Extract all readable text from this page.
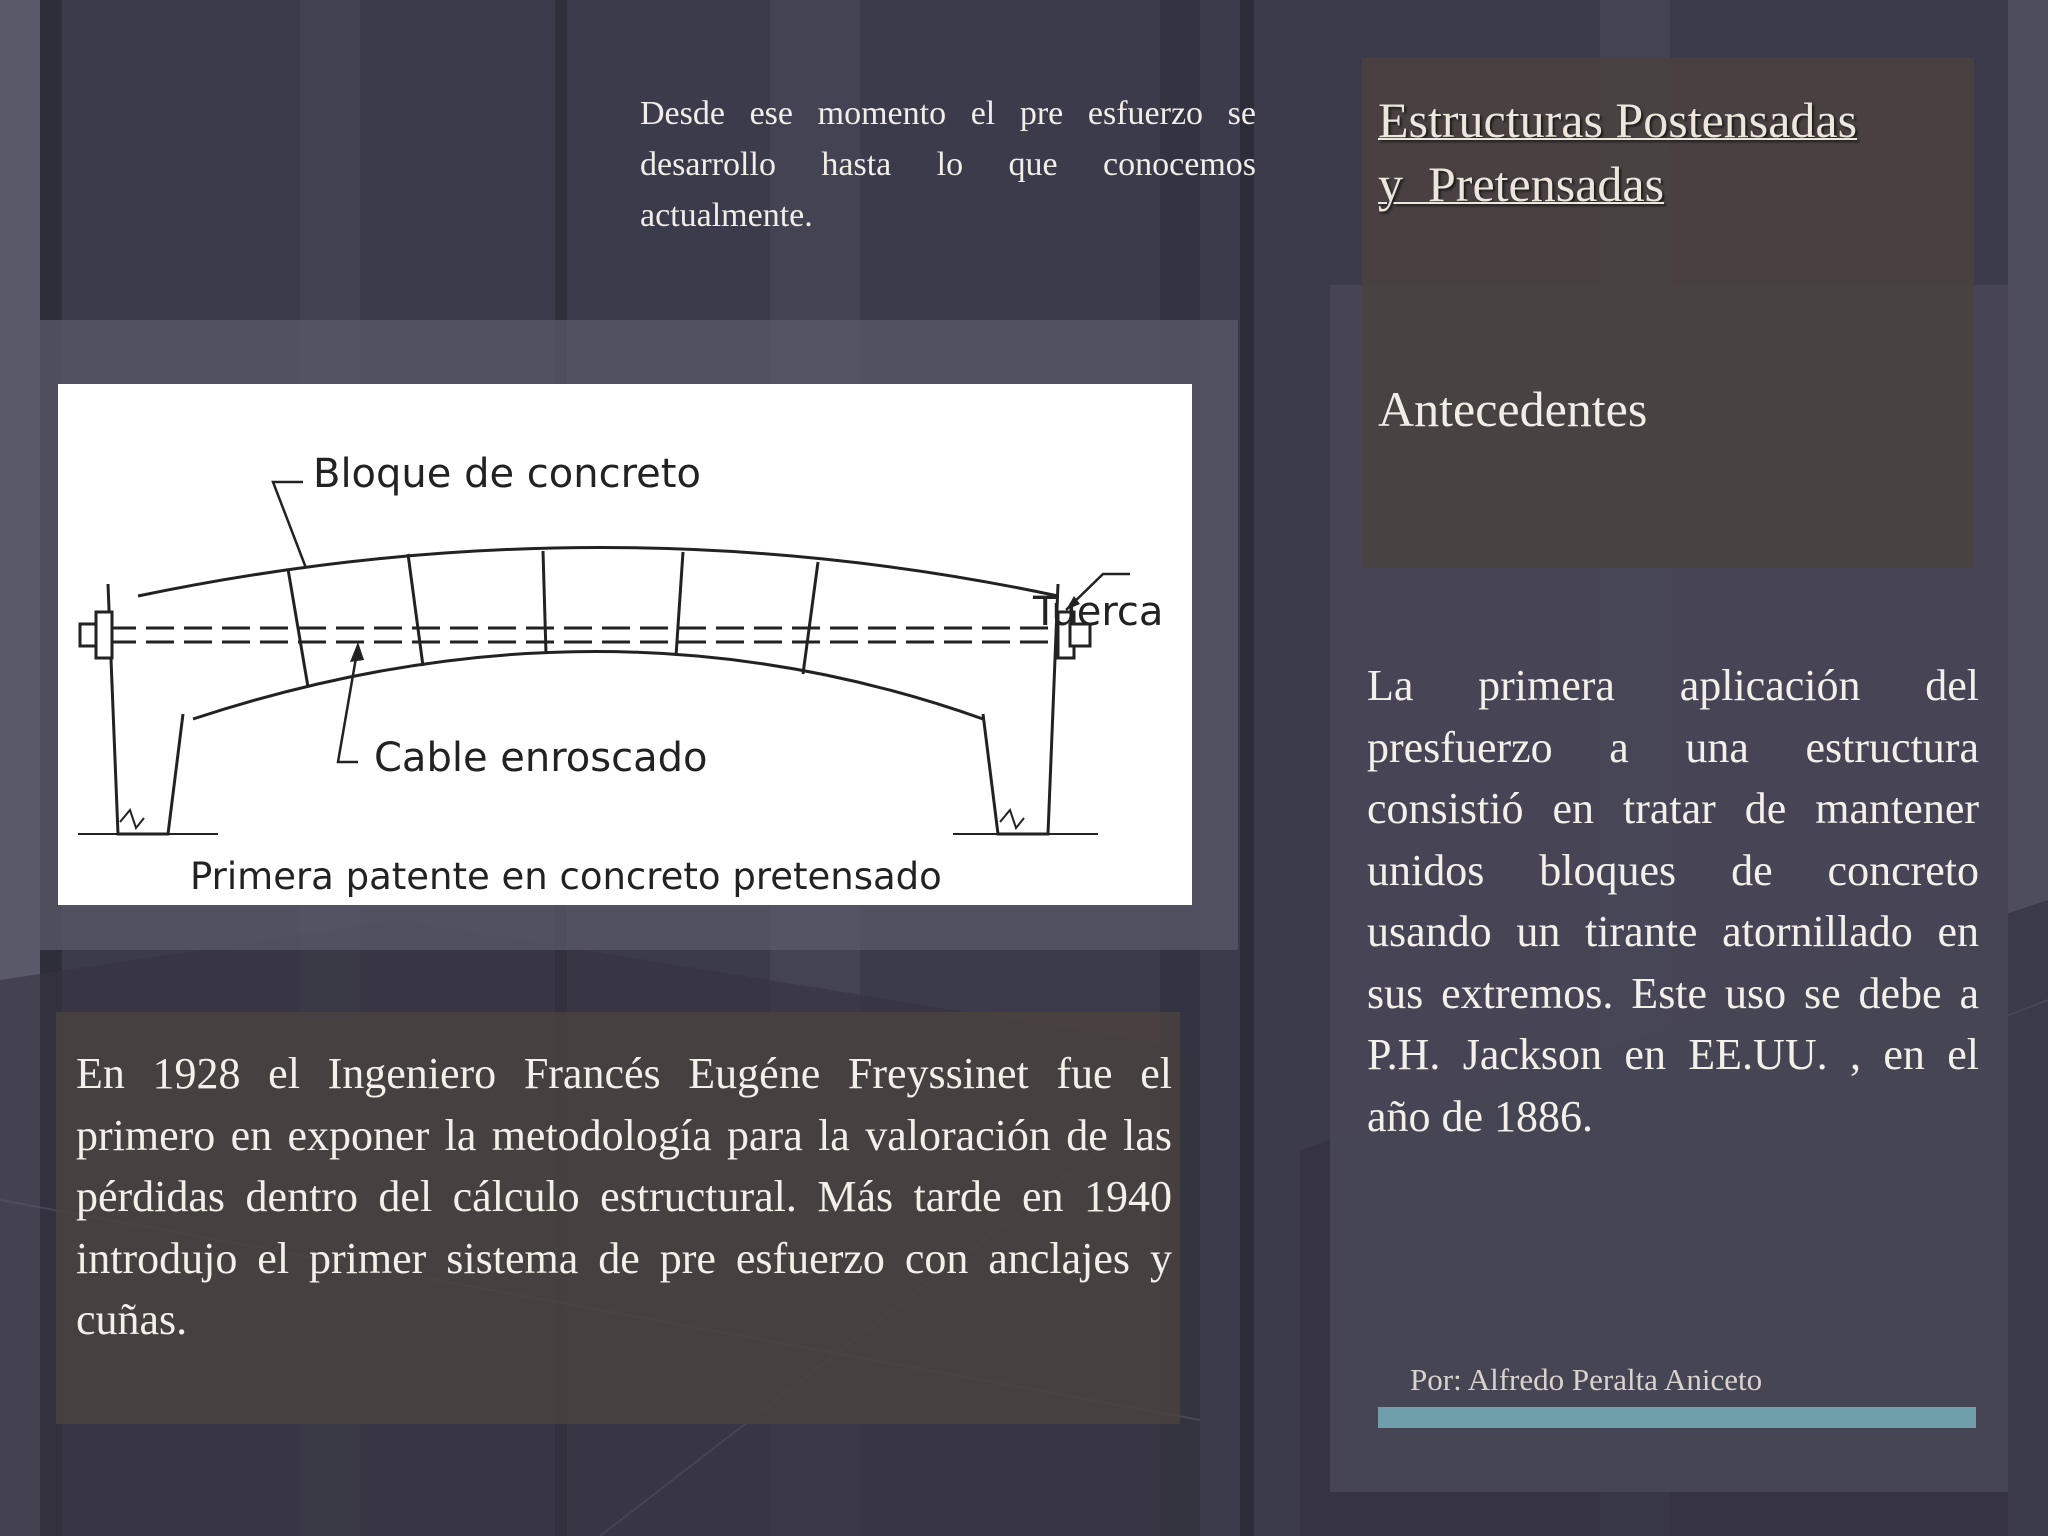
Desde ese momento el pre esfuerzo se desarrollo hasta lo que conocemos actualmente.
Estructuras Postensadas
y  Pretensadas
Antecedentes
La primera aplicación del presfuerzo a una estructura consistió en tratar de mantener unidos bloques de concreto usando un tirante atornillado en sus extremos. Este uso se debe a P.H. Jackson en EE.UU. , en el año de 1886.
En 1928 el Ingeniero Francés Eugéne Freyssinet fue el primero en exponer la metodología para la valoración de las pérdidas dentro del cálculo estructural. Más tarde en 1940 introdujo el primer sistema de pre esfuerzo con anclajes y cuñas.
Por: Alfredo Peralta Aniceto
Bloque de concreto
Tuerca
Cable enroscado
Primera patente en concreto pretensado
